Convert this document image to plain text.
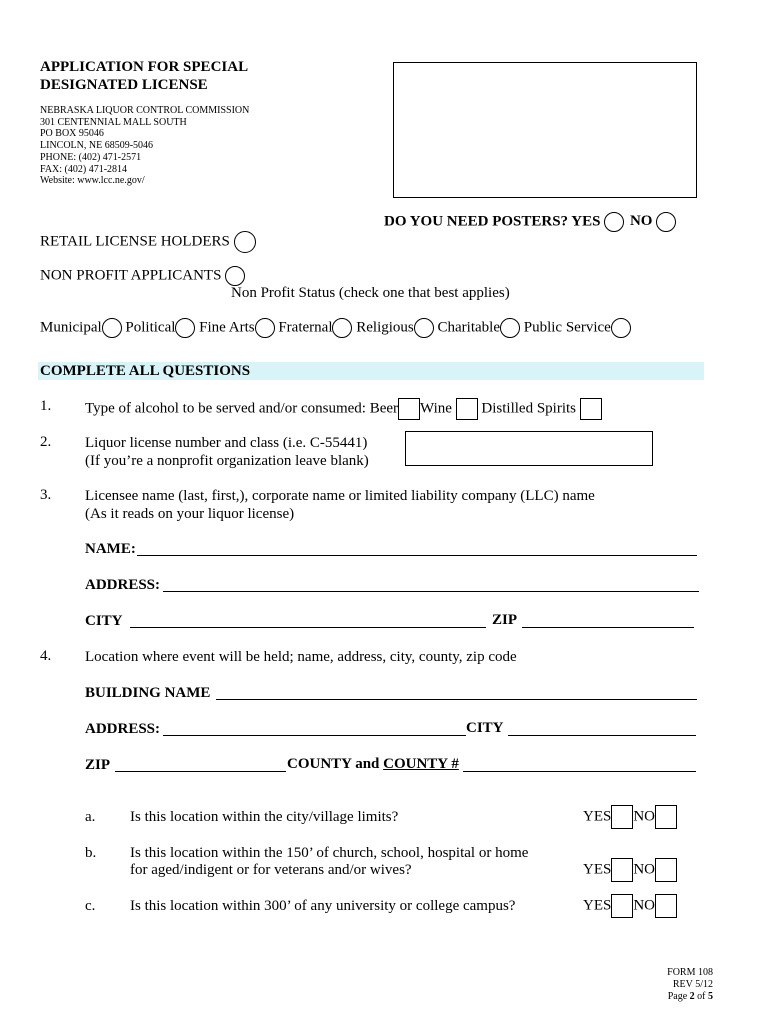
APPLICATION FOR SPECIAL
DESIGNATED LICENSE
NEBRASKA LIQUOR CONTROL COMMISSION
301 CENTENNIAL MALL SOUTH
PO BOX 95046
LINCOLN, NE 68509-5046
PHONE: (402) 471-2571
FAX: (402) 471-2814
Website: www.lcc.ne.gov/
DO YOU NEED POSTERS? YES NO
RETAIL LICENSE HOLDERS
NON PROFIT APPLICANTS
Non Profit Status (check one that best applies)
Municipal Political Fine Arts Fraternal Religious Charitable Public Service
COMPLETE ALL QUESTIONS
1. Type of alcohol to be served and/or consumed: Beer Wine Distilled Spirits
2. Liquor license number and class (i.e. C-55441)
(If you’re a nonprofit organization leave blank)
3. Licensee name (last, first,), corporate name or limited liability company (LLC) name
(As it reads on your liquor license)
NAME:
ADDRESS:
CITY	ZIP
4. Location where event will be held; name, address, city, county, zip code
BUILDING NAME
ADDRESS:	CITY
ZIP	COUNTY and COUNTY #
a. Is this location within the city/village limits?	YES NO
b. Is this location within the 150’ of church, school, hospital or home
for aged/indigent or for veterans and/or wives?	YES NO
c. Is this location within 300’ of any university or college campus?	YES NO
FORM 108
REV 5/12
Page 2 of 5
